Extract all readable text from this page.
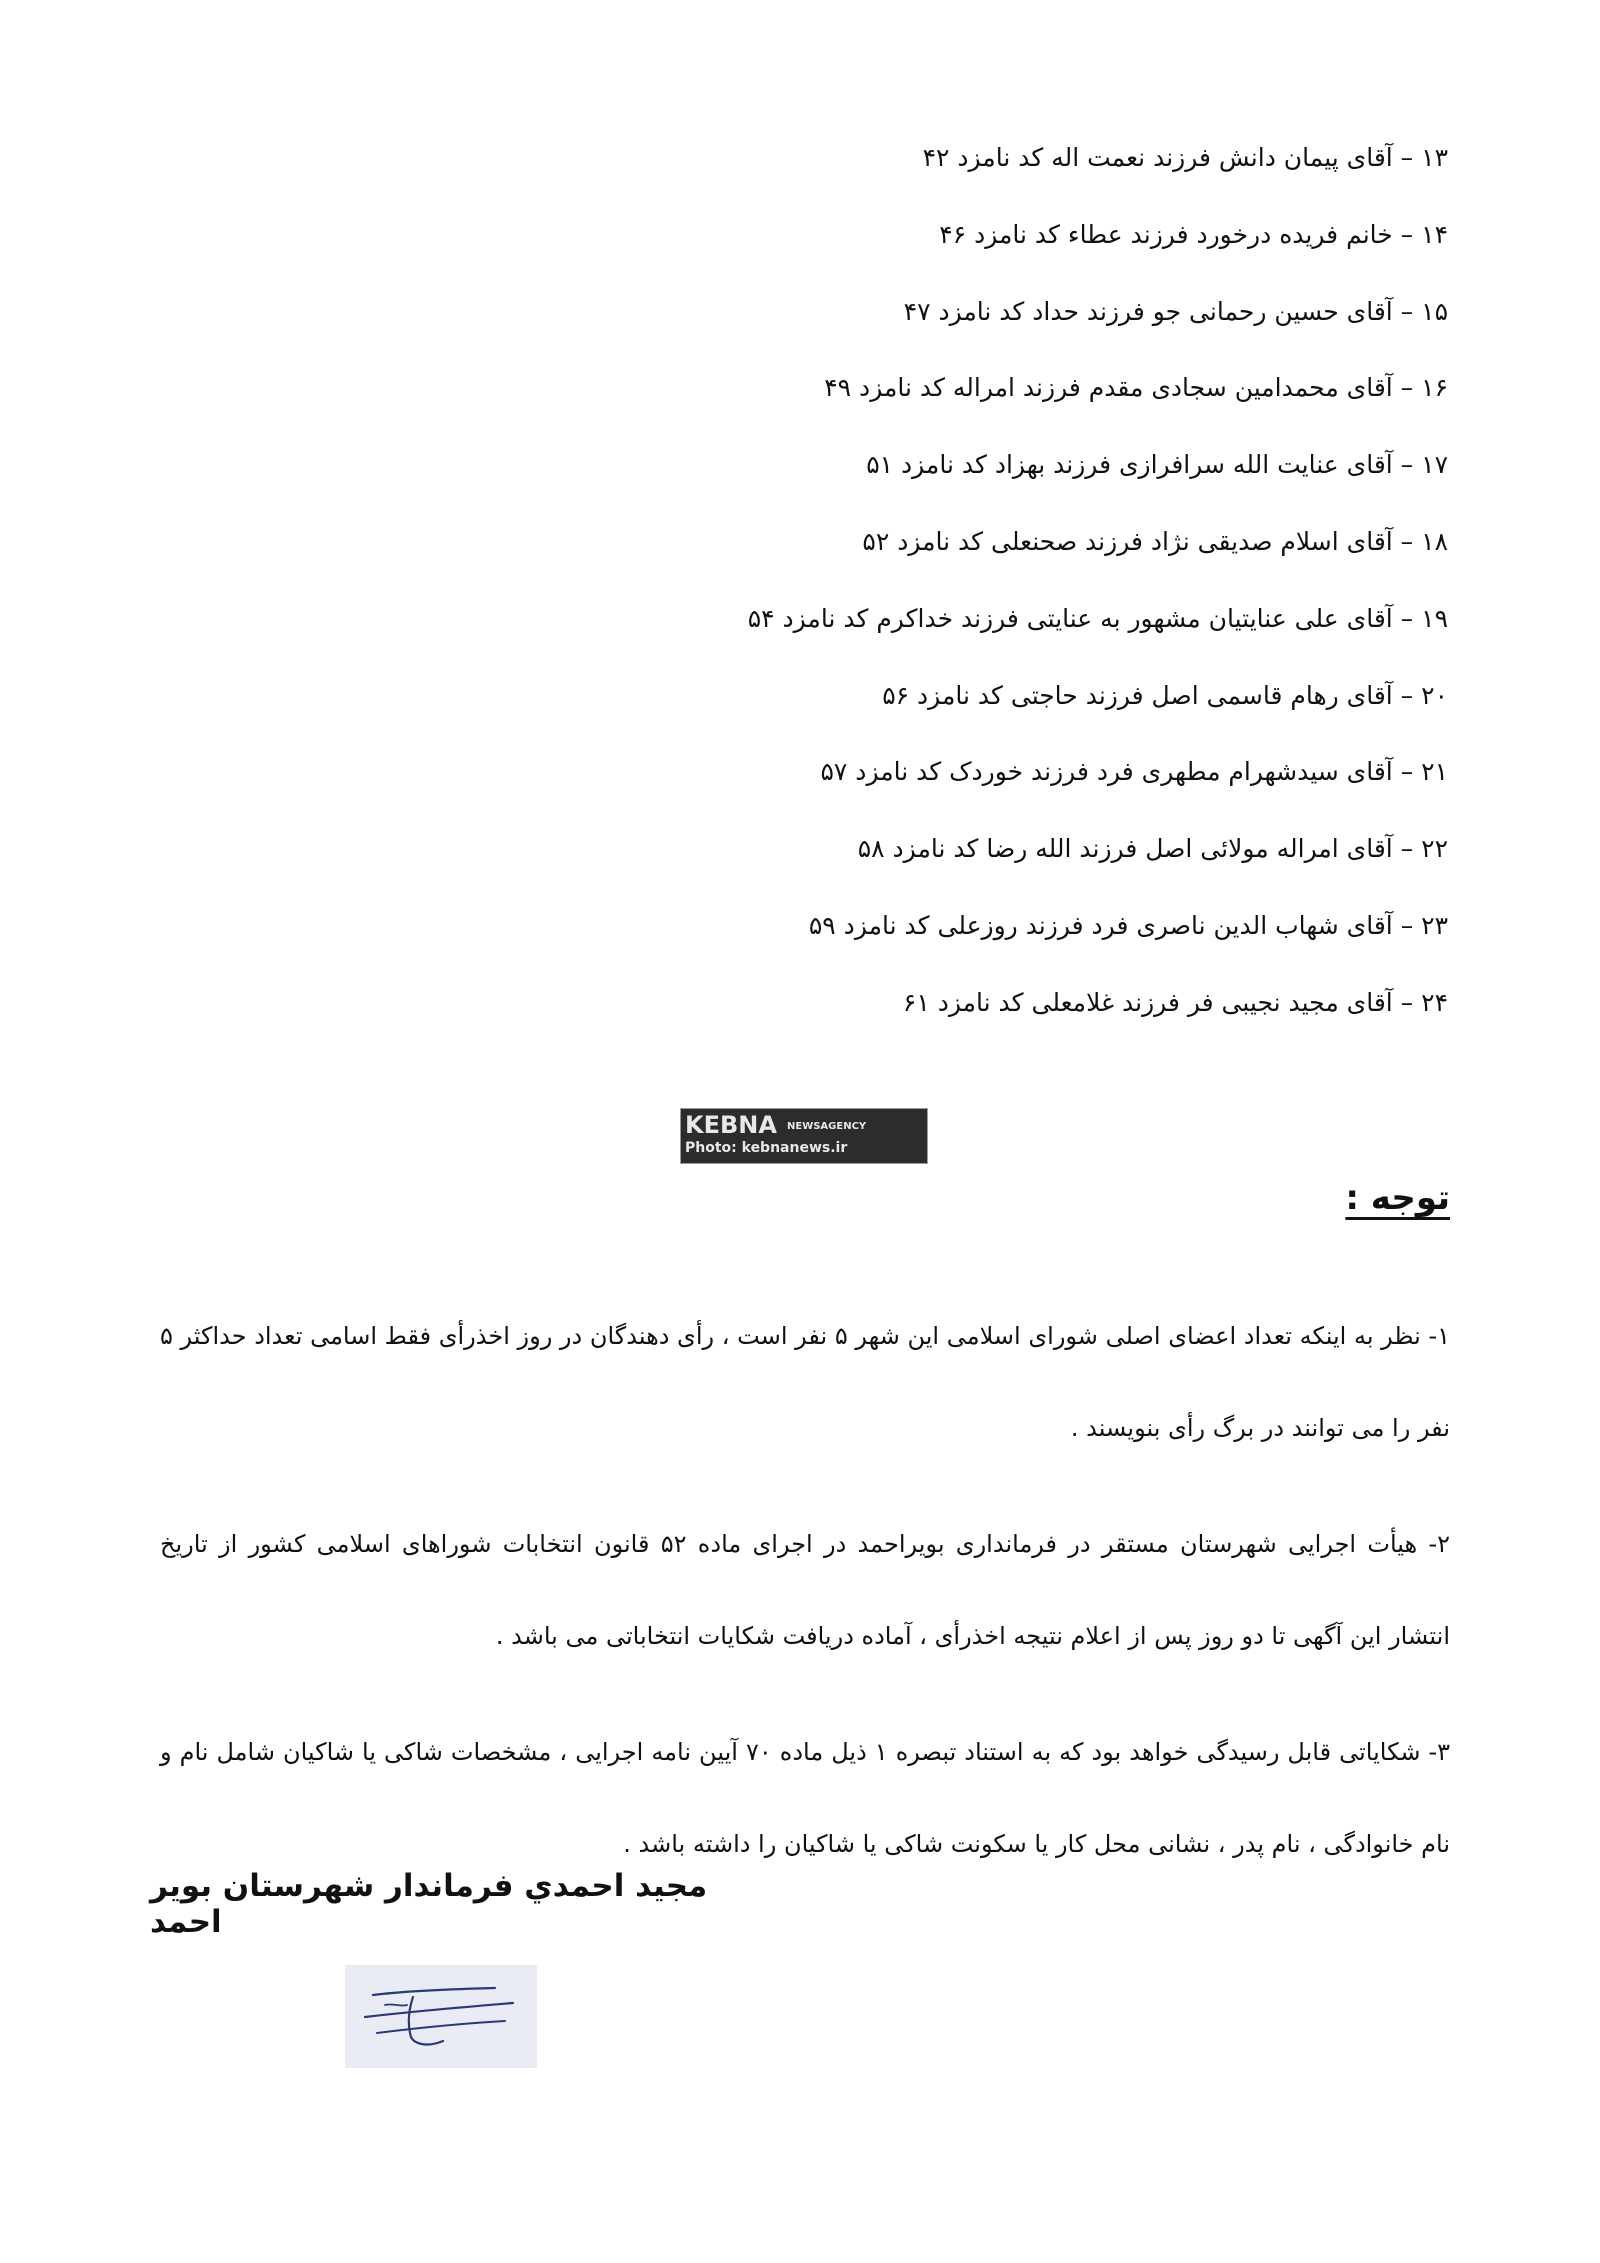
۱۳ – آقای پیمان دانش فرزند نعمت اله کد نامزد ۴۲
۱۴ – خانم فریده درخورد فرزند عطاء کد نامزد ۴۶
۱۵ – آقای حسین رحمانی جو فرزند حداد کد نامزد ۴۷
۱۶ – آقای محمدامین سجادی مقدم فرزند امراله کد نامزد ۴۹
۱۷ – آقای عنایت الله سرافرازی فرزند بهزاد کد نامزد ۵۱
۱۸ – آقای اسلام صدیقی نژاد فرزند صحنعلی کد نامزد ۵۲
۱۹ – آقای علی عنایتیان مشهور به عنایتی فرزند خداکرم کد نامزد ۵۴
۲۰ – آقای رهام قاسمی اصل فرزند حاجتی کد نامزد ۵۶
۲۱ – آقای سیدشهرام مطهری فرد فرزند خوردک کد نامزد ۵۷
۲۲ – آقای امراله مولائی اصل فرزند الله رضا کد نامزد ۵۸
۲۳ – آقای شهاب الدین ناصری فرد فرزند روزعلی کد نامزد ۵۹
۲۴ – آقای مجید نجیبی فر فرزند غلامعلی کد نامزد ۶۱
KEBNA NEWSAGENCY
Photo: kebnanews.ir
توجه :

۱- نظر به اینکه تعداد اعضای اصلی شورای اسلامی این شهر ۵ نفر است ، رأی دهندگان در روز اخذرأی فقط اسامی تعداد حداکثر ۵ نفر را می توانند در برگ رأی بنویسند .

۲- هیأت اجرایی شهرستان مستقر در فرمانداری بویراحمد در اجرای ماده ۵۲ قانون انتخابات شوراهای اسلامی کشور از تاریخ انتشار این آگهی تا دو روز پس از اعلام نتیجه اخذرأی ، آماده دریافت شکایات انتخاباتی می باشد .

۳- شکایاتی قابل رسیدگی خواهد بود که به استناد تبصره ۱ ذیل ماده ۷۰ آیین نامه اجرایی ، مشخصات شاکی یا شاکیان شامل نام و نام خانوادگی ، نام پدر ، نشانی محل کار یا سکونت شاکی یا شاکیان را داشته باشد .

مجید احمدي فرماندار شهرستان بوير احمد
